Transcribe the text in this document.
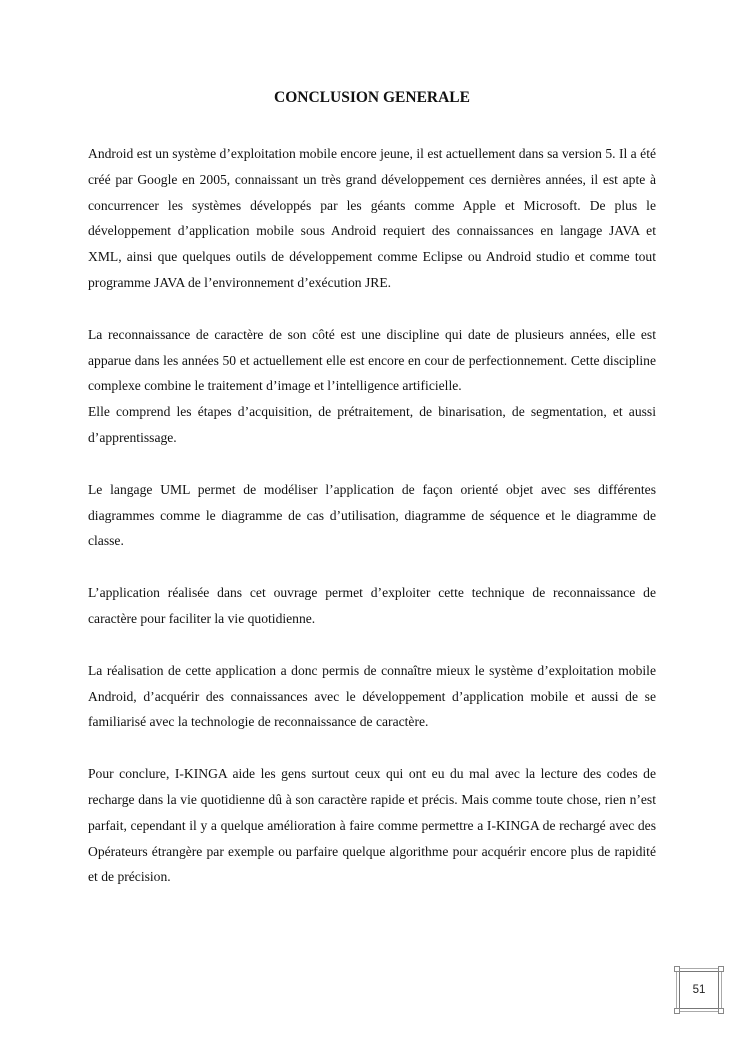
CONCLUSION GENERALE

Android est un système d’exploitation mobile encore jeune, il est actuellement dans sa version 5. Il a été créé par Google en 2005, connaissant un très grand développement ces dernières années, il est apte à concurrencer les systèmes développés par les géants comme Apple et Microsoft. De plus le développement d’application mobile sous Android requiert des connaissances en langage JAVA et XML, ainsi que quelques outils de développement comme Eclipse ou Android studio et comme tout programme JAVA de l’environnement d’exécution JRE.

La reconnaissance de caractère de son côté est une discipline qui date de plusieurs années, elle est apparue dans les années 50 et actuellement elle est encore en cour de perfectionnement. Cette discipline complexe combine le traitement d’image et l’intelligence artificielle.

Elle comprend les étapes d’acquisition, de prétraitement, de binarisation, de segmentation, et aussi d’apprentissage.

Le langage UML permet de modéliser l’application de façon orienté objet avec ses différentes diagrammes comme le diagramme de cas d’utilisation, diagramme de séquence et le diagramme de classe.

L’application réalisée dans cet ouvrage permet d’exploiter cette technique de reconnaissance de caractère pour faciliter la vie quotidienne.

La réalisation de cette application a donc permis de connaître mieux le système d’exploitation mobile Android, d’acquérir des connaissances avec le développement d’application mobile et aussi de se familiarisé avec la technologie de reconnaissance de caractère.

Pour conclure, I-KINGA aide les gens surtout ceux qui ont eu du mal avec la lecture des codes de recharge dans la vie quotidienne dû à son caractère rapide et précis. Mais comme toute chose, rien n’est parfait, cependant il y a quelque amélioration à faire comme permettre a I-KINGA de rechargé avec des Opérateurs étrangère par exemple ou parfaire quelque algorithme pour acquérir encore plus de rapidité et de précision.

51
